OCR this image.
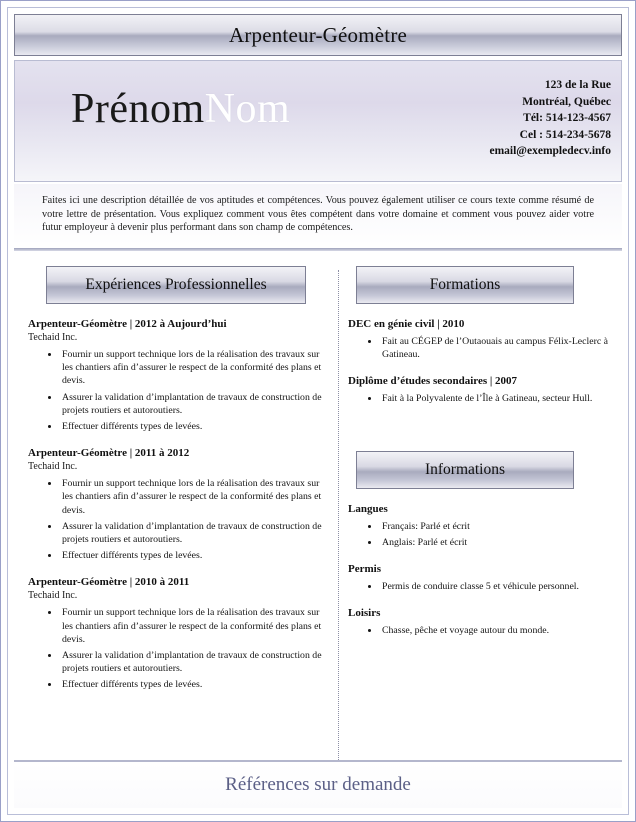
Arpenteur-Géomètre
PrénomNom
123 de la Rue
Montréal, Québec
Tél: 514-123-4567
Cel : 514-234-5678
email@exempledecv.info
Faites ici une description détaillée de vos aptitudes et compétences. Vous pouvez également utiliser ce cours texte comme résumé de votre lettre de présentation. Vous expliquez comment vous êtes compétent dans votre domaine et comment vous pouvez aider votre futur employeur à devenir plus performant dans son champ de compétences.
Expériences Professionnelles
Arpenteur-Géomètre | 2012 à Aujourd’hui
Techaid Inc.
• Fournir un support technique lors de la réalisation des travaux sur les chantiers afin d’assurer le respect de la conformité des plans et devis.
• Assurer la validation d’implantation de travaux de construction de projets routiers et autoroutiers.
• Effectuer différents types de levées.
Arpenteur-Géomètre | 2011 à 2012
Techaid Inc.
• Fournir un support technique lors de la réalisation des travaux sur les chantiers afin d’assurer le respect de la conformité des plans et devis.
• Assurer la validation d’implantation de travaux de construction de projets routiers et autoroutiers.
• Effectuer différents types de levées.
Arpenteur-Géomètre | 2010 à 2011
Techaid Inc.
• Fournir un support technique lors de la réalisation des travaux sur les chantiers afin d’assurer le respect de la conformité des plans et devis.
• Assurer la validation d’implantation de travaux de construction de projets routiers et autoroutiers.
• Effectuer différents types de levées.
Formations
DEC en génie civil | 2010
• Fait au CÉGEP de l’Outaouais au campus Félix-Leclerc à Gatineau.
Diplôme d’études secondaires | 2007
• Fait à la Polyvalente de l’Île à Gatineau, secteur Hull.
Informations
Langues
• Français: Parlé et écrit
• Anglais: Parlé et écrit
Permis
• Permis de conduire classe 5 et véhicule personnel.
Loisirs
• Chasse, pêche et voyage autour du monde.
Références sur demande
